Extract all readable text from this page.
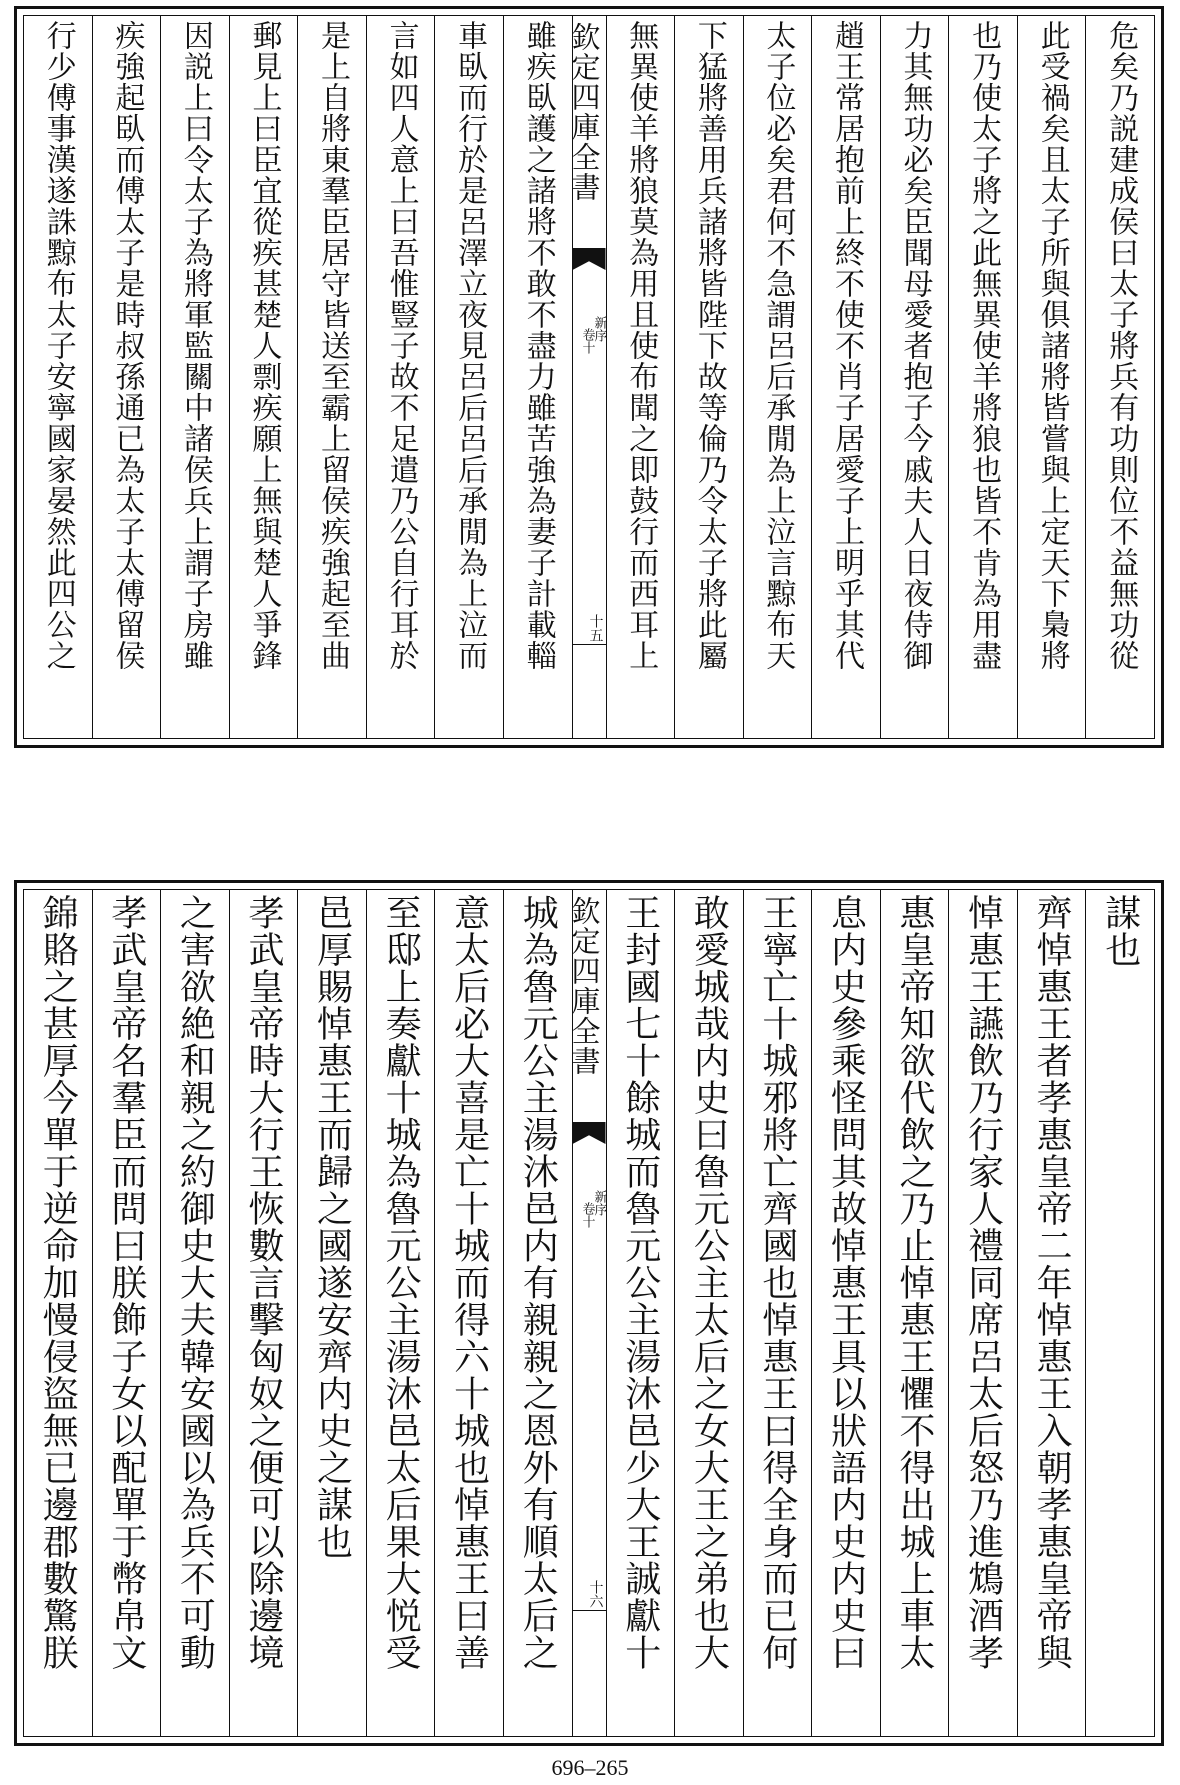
危矣乃説建成侯曰太子將兵有功則位不益無功從
此受禍矣且太子所與俱諸將皆嘗與上定天下梟將
也乃使太子將之此無異使羊將狼也皆不肯為用盡
力其無功必矣臣聞母愛者抱子今戚夫人日夜侍御
趙王常居抱前上終不使不肖子居愛子上明乎其代
太子位必矣君何不急謂呂后承閒為上泣言黥布天
下猛將善用兵諸將皆陛下故等倫乃令太子將此屬
無異使羊將狼莫為用且使布聞之即鼓行而西耳上
欽定四庫全書
新序
卷十
十五
雖疾臥護之諸將不敢不盡力雖苦強為妻子計載輜
車臥而行於是呂澤立夜見呂后呂后承閒為上泣而
言如四人意上曰吾惟豎子故不足遣乃公自行耳於
是上自將東羣臣居守皆送至霸上留侯疾強起至曲
郵見上曰臣宜從疾甚楚人剽疾願上無與楚人爭鋒
因説上曰令太子為將軍監關中諸侯兵上謂子房雖
疾強起臥而傅太子是時叔孫通已為太子太傅留侯
行少傅事漢遂誅黥布太子安寧國家晏然此四公之
謀也
齊悼惠王者孝惠皇帝二年悼惠王入朝孝惠皇帝與
悼惠王讌飲乃行家人禮同席呂太后怒乃進鴆酒孝
惠皇帝知欲代飲之乃止悼惠王懼不得出城上車太
息内史參乘怪問其故悼惠王具以狀語内史内史曰
王寧亡十城邪將亡齊國也悼惠王曰得全身而已何
敢愛城哉内史曰魯元公主太后之女大王之弟也大
王封國七十餘城而魯元公主湯沐邑少大王誠獻十
欽定四庫全書
新序
卷十
十六
城為魯元公主湯沐邑内有親親之恩外有順太后之
意太后必大喜是亡十城而得六十城也悼惠王曰善
至邸上奏獻十城為魯元公主湯沐邑太后果大悦受
邑厚賜悼惠王而歸之國遂安齊内史之謀也
孝武皇帝時大行王恢數言擊匈奴之便可以除邊境
之害欲絶和親之約御史大夫韓安國以為兵不可動
孝武皇帝名羣臣而問曰朕飾子女以配單于幣帛文
錦賂之甚厚今單于逆命加慢侵盜無已邊郡數驚朕
696–265
